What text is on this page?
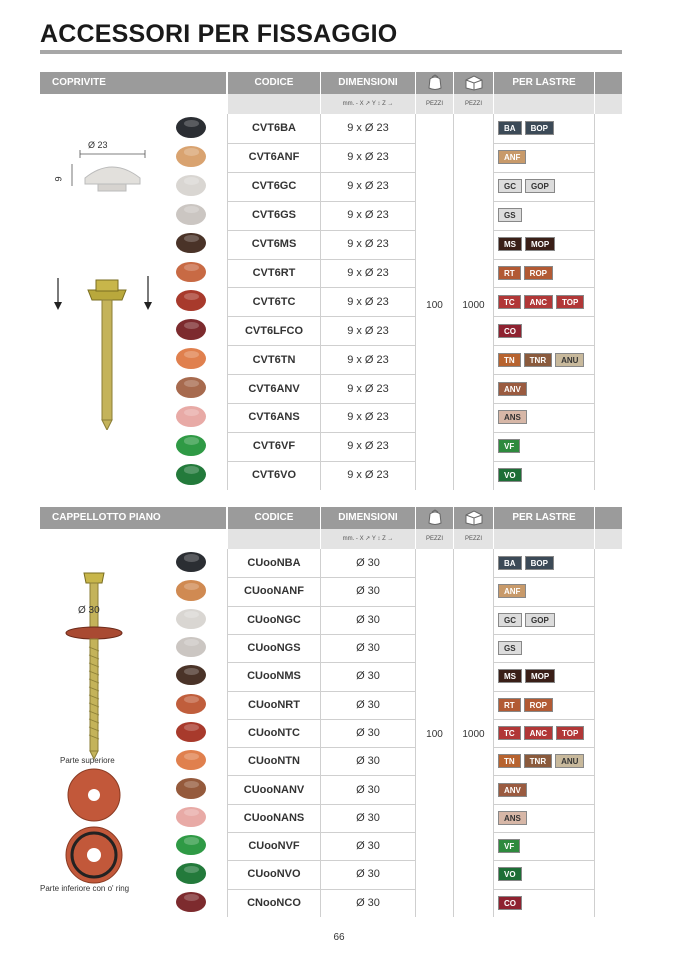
ACCESSORI PER FISSAGGIO
COPRIVITE	CODICE	DIMENSIONI	PER LASTRE
mm. - X ↗ Y ↕ Z →	PEZZI	PEZZI
Ø 23
9
100	1000
CVT6BA	9 x Ø 23	BA	BOP
CVT6ANF	9 x Ø 23	ANF
CVT6GC	9 x Ø 23	GC	GOP
CVT6GS	9 x Ø 23	GS
CVT6MS	9 x Ø 23	MS	MOP
CVT6RT	9 x Ø 23	RT	ROP
CVT6TC	9 x Ø 23	TC	ANC	TOP
CVT6LFCO	9 x Ø 23	CO
CVT6TN	9 x Ø 23	TN	TNR	ANU
CVT6ANV	9 x Ø 23	ANV
CVT6ANS	9 x Ø 23	ANS
CVT6VF	9 x Ø 23	VF
CVT6VO	9 x Ø 23	VO
CAPPELLOTTO PIANO	CODICE	DIMENSIONI	PER LASTRE
mm. - X ↗ Y ↕ Z →	PEZZI	PEZZI
Ø 30
Parte superiore
Parte inferiore con o' ring
100	1000
CUooNBA	Ø 30	BA	BOP
CUooNANF	Ø 30	ANF
CUooNGC	Ø 30	GC	GOP
CUooNGS	Ø 30	GS
CUooNMS	Ø 30	MS	MOP
CUooNRT	Ø 30	RT	ROP
CUooNTC	Ø 30	TC	ANC	TOP
CUooNTN	Ø 30	TN	TNR	ANU
CUooNANV	Ø 30	ANV
CUooNANS	Ø 30	ANS
CUooNVF	Ø 30	VF
CUooNVO	Ø 30	VO
CNooNCO	Ø 30	CO
66
